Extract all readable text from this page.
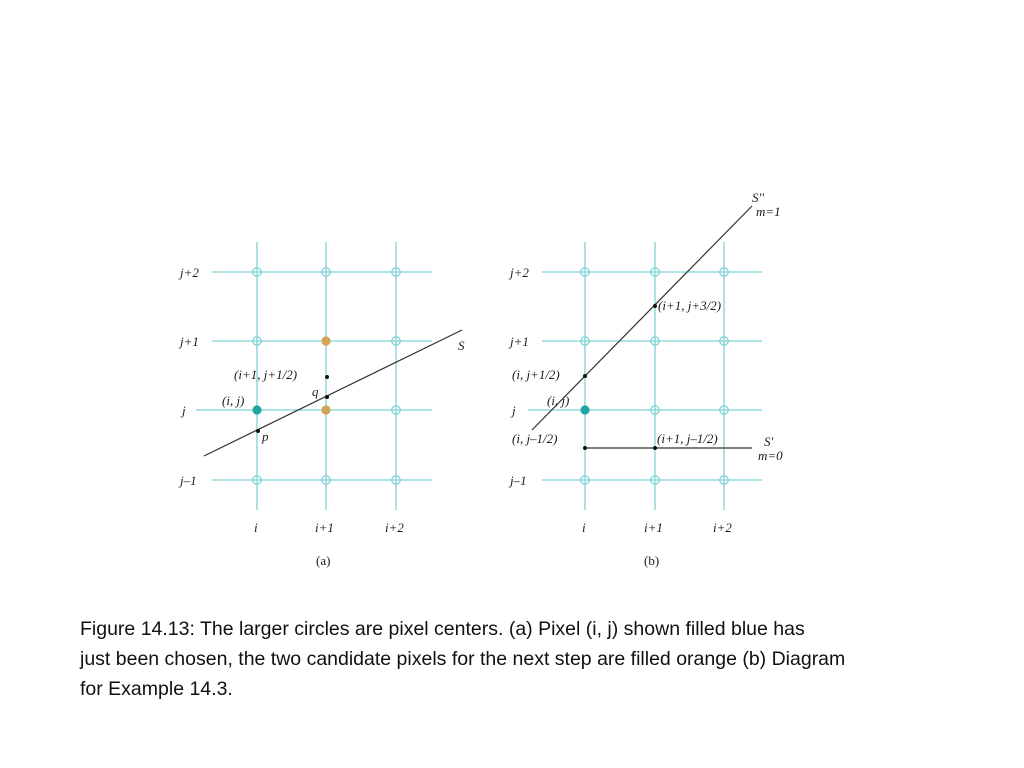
j+2
j+1
j
j–1
i	i+1	i+2
(a)
(i+1, j+1/2)
(i, j)
q
p
S
j+2
j+1
j
j–1
i	i+1	i+2
(b)
(i+1, j+3/2)
(i, j+1/2)
(i, j)
(i, j–1/2)	(i+1, j–1/2)
S''
m=1
S'
m=0
Figure 14.13: The larger circles are pixel centers. (a) Pixel (i, j) shown filled blue has
just been chosen, the two candidate pixels for the next step are filled orange (b) Diagram
for Example 14.3.
